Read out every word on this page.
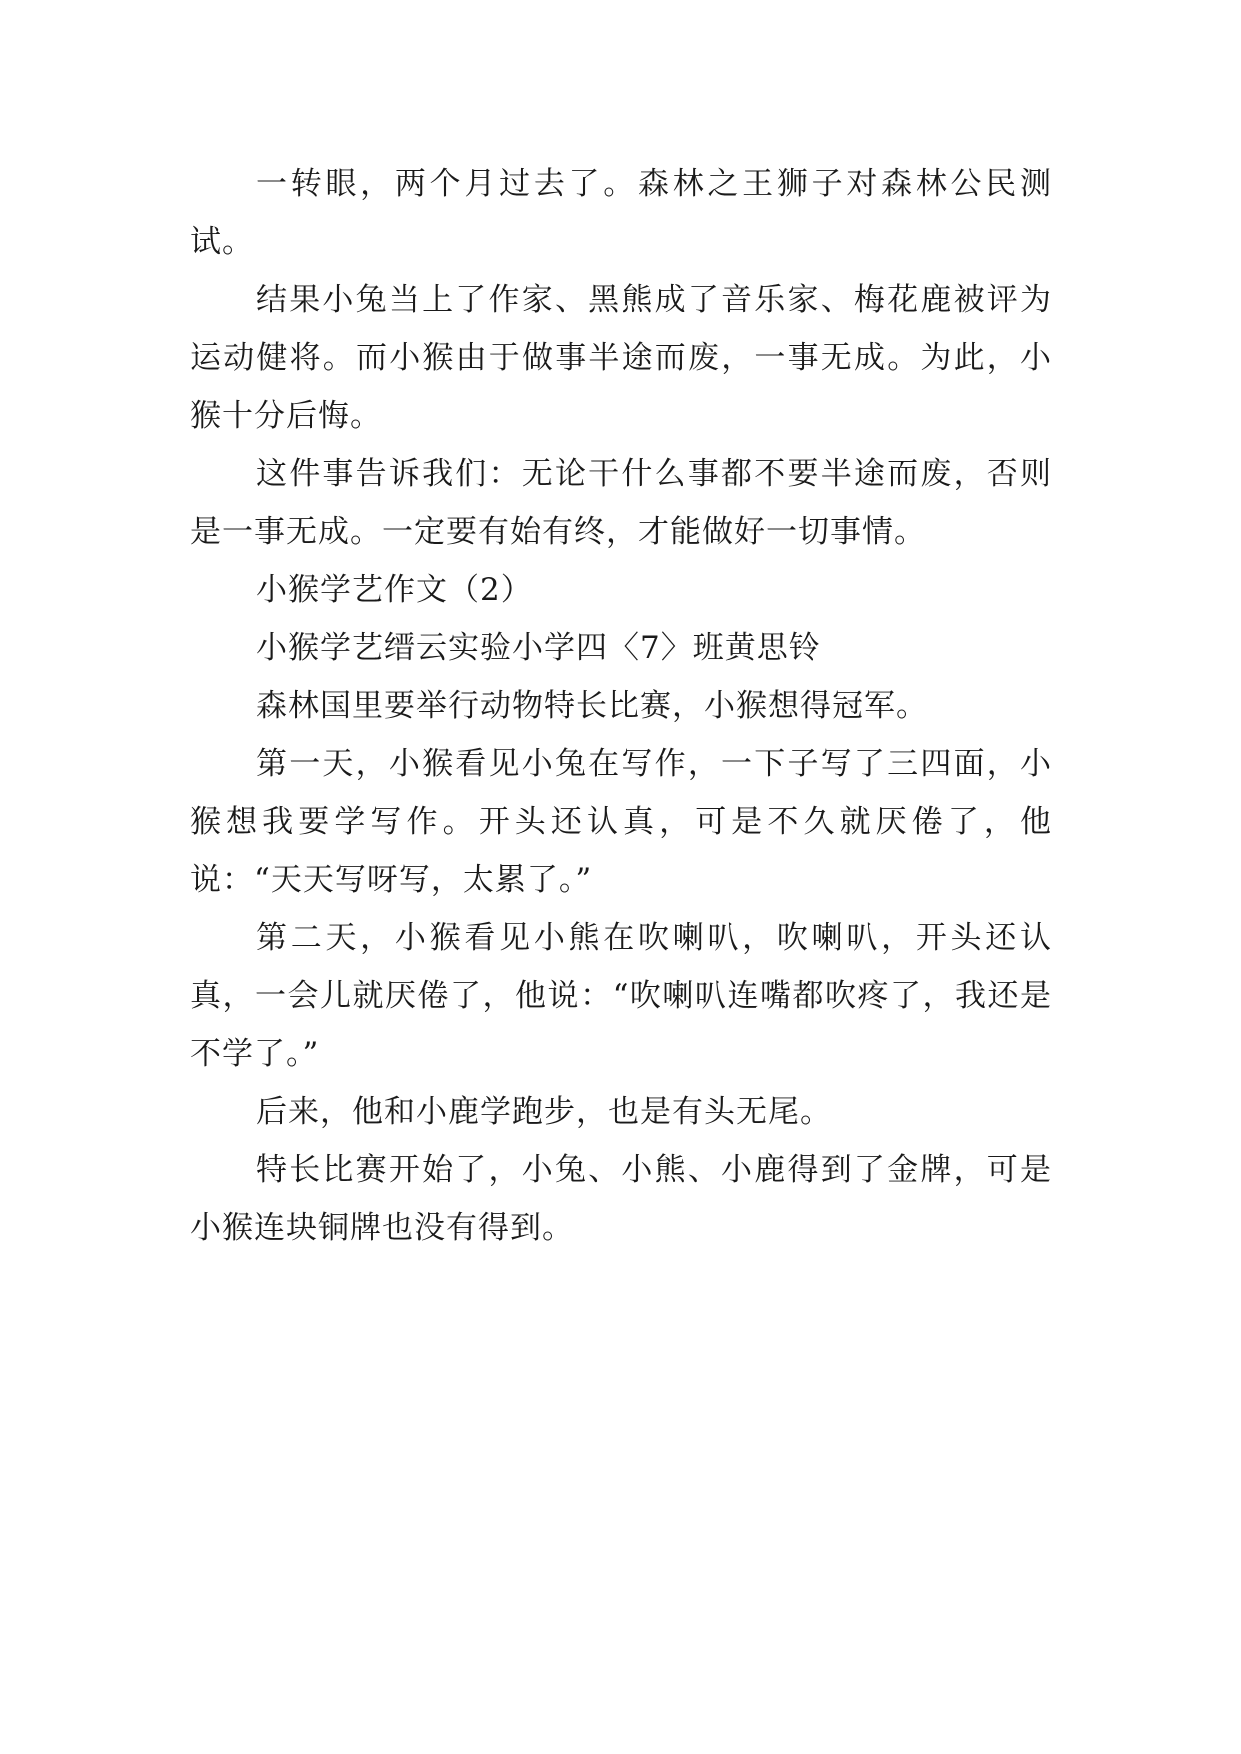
一转眼，两个月过去了。森林之王狮子对森林公民测试。

结果小兔当上了作家、黑熊成了音乐家、梅花鹿被评为运动健将。而小猴由于做事半途而废，一事无成。为此，小猴十分后悔。

这件事告诉我们：无论干什么事都不要半途而废，否则是一事无成。一定要有始有终，才能做好一切事情。

小猴学艺作文（2）

小猴学艺缙云实验小学四〈7〉班黄思铃

森林国里要举行动物特长比赛，小猴想得冠军。

第一天，小猴看见小兔在写作，一下子写了三四面，小猴想我要学写作。开头还认真，可是不久就厌倦了，他说：“天天写呀写，太累了。”

第二天，小猴看见小熊在吹喇叭，吹喇叭，开头还认真，一会儿就厌倦了，他说：“吹喇叭连嘴都吹疼了，我还是不学了。”

后来，他和小鹿学跑步，也是有头无尾。

特长比赛开始了，小兔、小熊、小鹿得到了金牌，可是小猴连块铜牌也没有得到。
